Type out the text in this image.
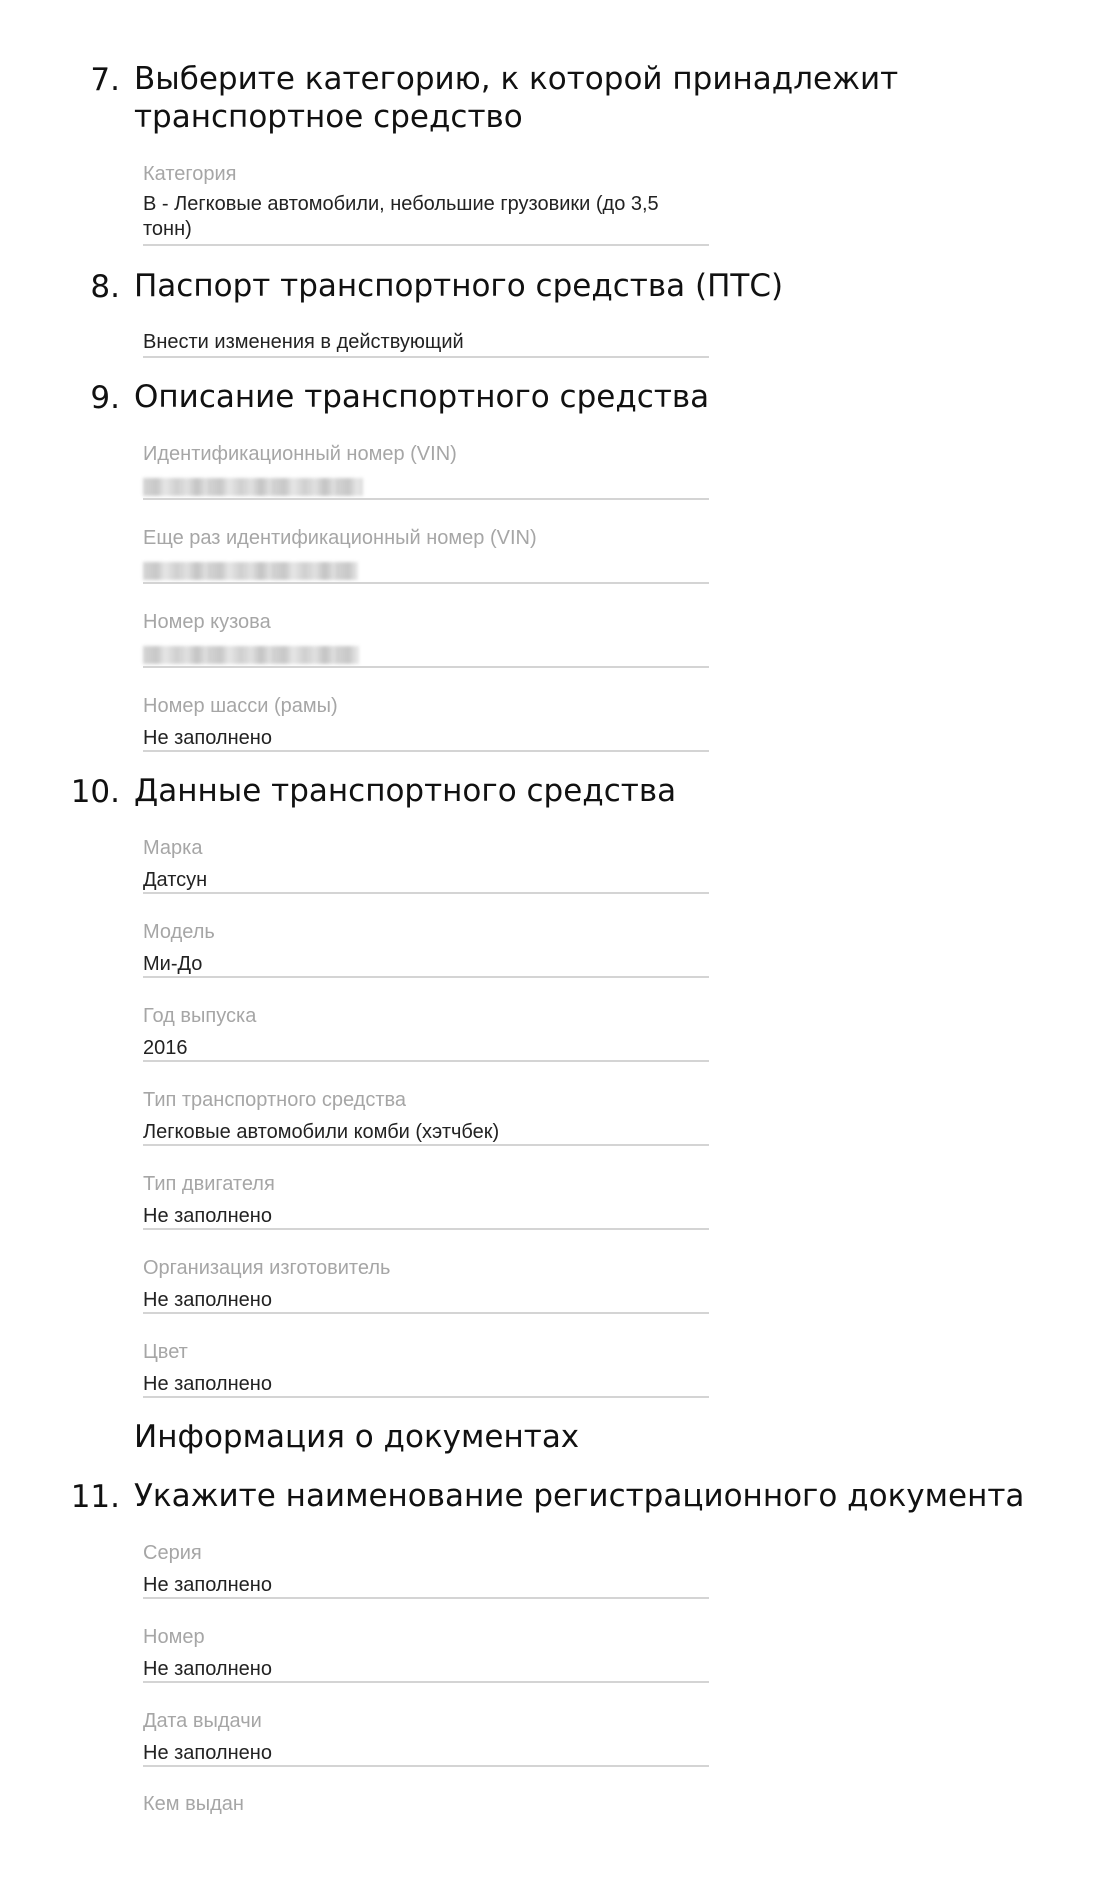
7. Выберите категорию, к которой принадлежит транспортное средство
Категория
B - Легковые автомобили, небольшие грузовики (до 3,5 тонн)
8. Паспорт транспортного средства (ПТС)
Внести изменения в действующий
9. Описание транспортного средства
Идентификационный номер (VIN)
Еще раз идентификационный номер (VIN)
Номер кузова
Номер шасси (рамы)
Не заполнено
10. Данные транспортного средства
Марка
Датсун
Модель
Ми-До
Год выпуска
2016
Тип транспортного средства
Легковые автомобили комби (хэтчбек)
Тип двигателя
Не заполнено
Организация изготовитель
Не заполнено
Цвет
Не заполнено
Информация о документах
11. Укажите наименование регистрационного документа
Серия
Не заполнено
Номер
Не заполнено
Дата выдачи
Не заполнено
Кем выдан
